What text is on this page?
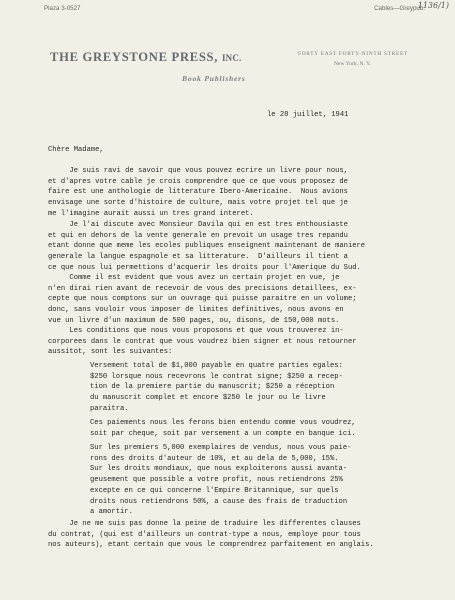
Plaza 3-0527	Cables—Greypub.
1136/1)
THE GREYSTONE PRESS, INC.
Book Publishers
FORTY EAST FORTY-NINTH STREET
New York, N. Y.

le 28 juillet, 1941

Chère Madame,

Je suis ravi de savoir que vous pouvez ecrire un livre pour nous,
et d'apres votre cable je crois comprendre que ce que vous proposez de
faire est une anthologie de litterature Ibero-Americaine.  Nous avions
envisage une sorte d'histoire de culture, mais votre projet tel que je
me l'imagine aurait aussi un tres grand interet.

Je l'ai discute avec Monsieur Davila qui en est tres enthousiaste
et qui en dehors de la vente generale en prevoit un usage tres repandu
etant donne que meme les ecoles publiques enseignent maintenant de maniere
generale la langue espagnole et sa litterature.  D'ailleurs il tient a
ce que nous lui permettions d'acquerir les droits pour l'Amerique du Sud.

Comme il est evident que vous avez un certain projet en vue, je
n'en dirai rien avant de recevoir de vous des precisions detaillees, ex-
cepte que nous comptons sur un ouvrage qui puisse paraitre en un volume;
donc, sans vouloir vous imposer de limites definitives, nous avons en
vue un livre d'un maximum de 500 pages, ou, disons, de 150,000 mots.

Les conditions que nous vous proposons et que vous trouverez in-
corporees dans le contrat que vous voudrez bien signer et nous retourner
aussitot, sont les suivantes:

Versement total de $1,000 payable en quatre parties egales:
$250 lorsque nous recevrons le contrat signe; $250 a recep-
tion de la premiere partie du manuscrit; $250 a réception
du manuscrit complet et encore $250 le jour ou le livre
paraitra.

Ces paiements nous les ferons bien entendu comme vous voudrez,
soit par cheque, soit par versement a un compte en banque ici.

Sur les premiers 5,000 exemplaires de vendus, nous vous paie-
rons des droits d'auteur de 10%, et au dela de 5,000, 15%.
Sur les droits mondiaux, que nous exploiterons aussi avanta-
geusement que possible a votre profit, nous retiendrons 25%
excepte en ce qui concerne l'Empire Britannique, sur quels
droits nous retiendrons 50%, a cause des frais de traduction
a amortir.

Je ne me suis pas donne la peine de traduire les differentes clauses
du contrat, (qui est d'ailleurs un contrat-type a nous, employe pour tous
nos auteurs), etant certain que vous le comprendrez parfaitement en anglais.
